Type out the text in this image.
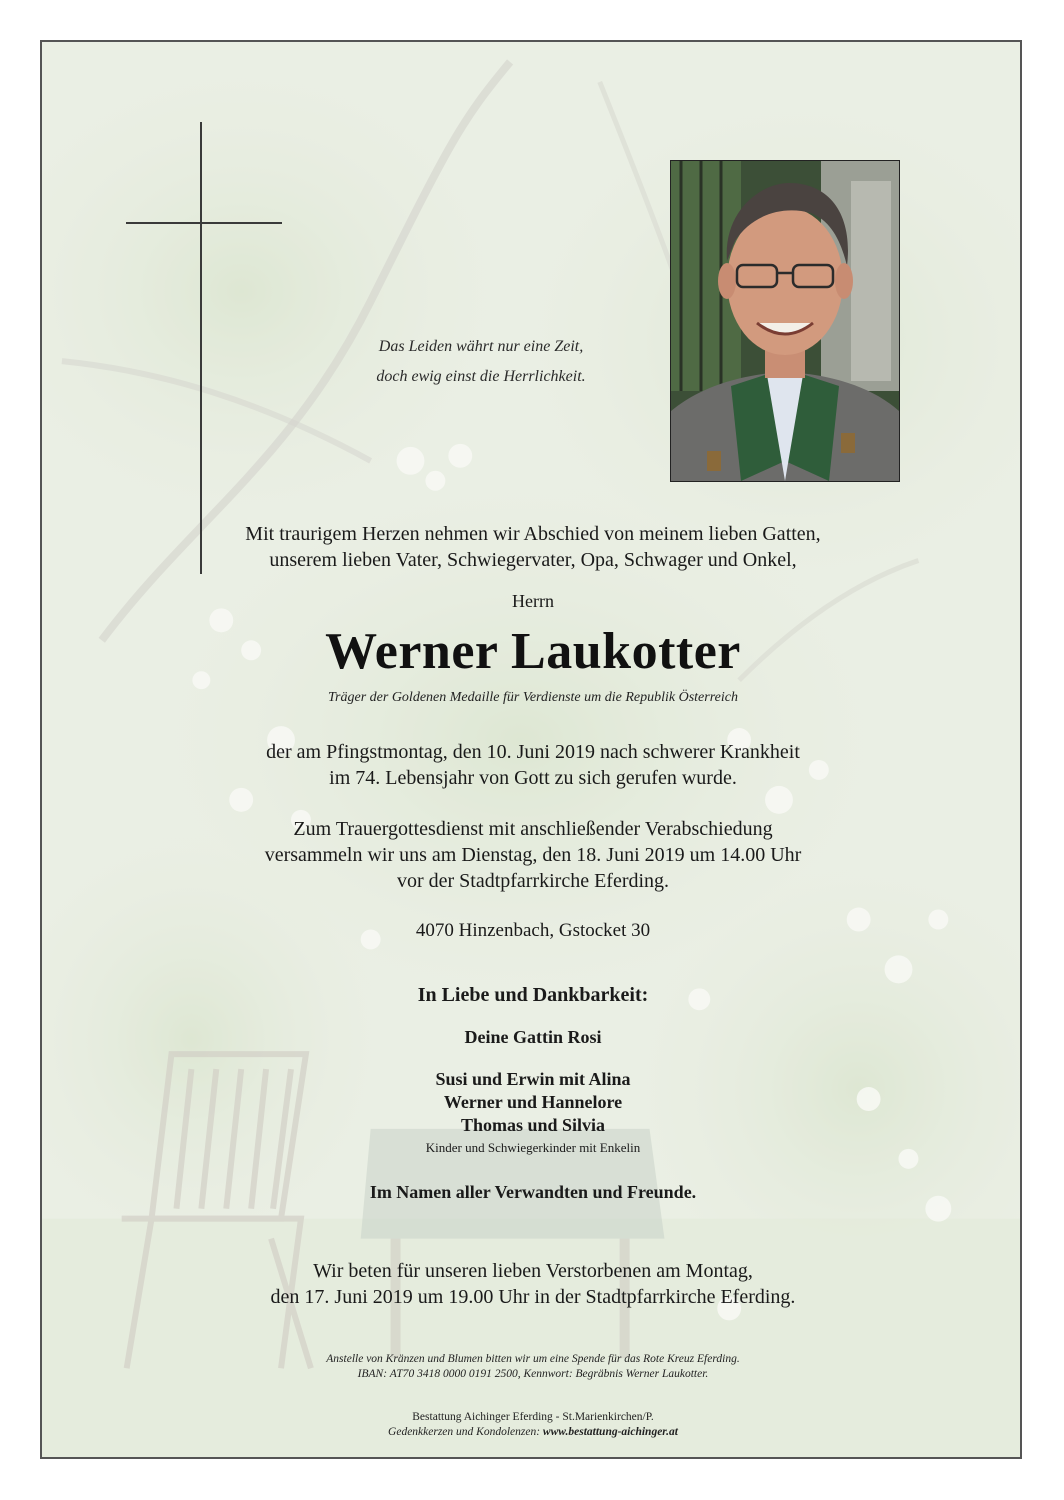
Das Leiden währt nur eine Zeit,
doch ewig einst die Herrlichkeit.
Mit traurigem Herzen nehmen wir Abschied von meinem lieben Gatten,
unserem lieben Vater, Schwiegervater, Opa, Schwager und Onkel,
Herrn
Werner Laukotter
Träger der Goldenen Medaille für Verdienste um die Republik Österreich
der am Pfingstmontag, den 10. Juni 2019 nach schwerer Krankheit
im 74. Lebensjahr von Gott zu sich gerufen wurde.
Zum Trauergottesdienst mit anschließender Verabschiedung
versammeln wir uns am Dienstag, den 18. Juni 2019 um 14.00 Uhr
vor der Stadtpfarrkirche Eferding.
4070 Hinzenbach, Gstocket 30
In Liebe und Dankbarkeit:
Deine Gattin Rosi
Susi und Erwin mit Alina
Werner und Hannelore
Thomas und Silvia
Kinder und Schwiegerkinder mit Enkelin
Im Namen aller Verwandten und Freunde.
Wir beten für unseren lieben Verstorbenen am Montag,
den 17. Juni 2019 um 19.00 Uhr in der Stadtpfarrkirche Eferding.
Anstelle von Kränzen und Blumen bitten wir um eine Spende für das Rote Kreuz Eferding.
IBAN: AT70 3418 0000 0191 2500, Kennwort: Begräbnis Werner Laukotter.
Bestattung Aichinger Eferding - St.Marienkirchen/P.
Gedenkkerzen und Kondolenzen: www.bestattung-aichinger.at
